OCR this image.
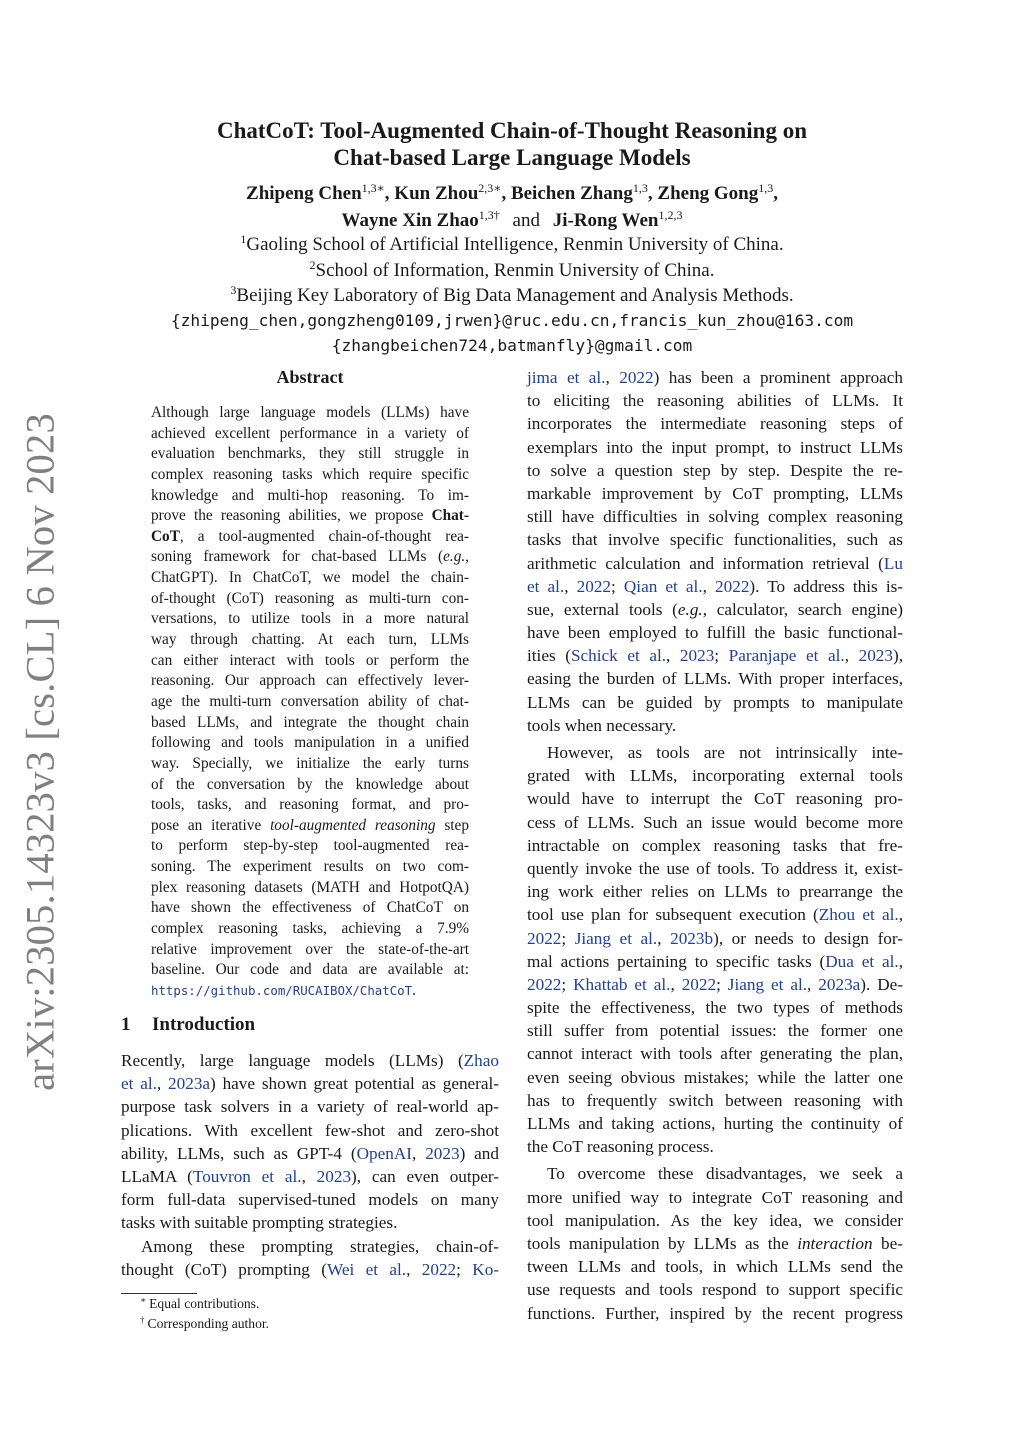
arXiv:2305.14323v3 [cs.CL] 6 Nov 2023
ChatCoT: Tool-Augmented Chain-of-Thought Reasoning on
Chat-based Large Language Models
Zhipeng Chen$^{1,3∗}$, Kun Zhou$^{2,3∗}$, Beichen Zhang$^{1,3}$, Zheng Gong$^{1,3}$,
Wayne Xin Zhao$^{1,3\dagger}$ and Ji-Rong Wen$^{1,2,3}$
$^1$Gaoling School of Artificial Intelligence, Renmin University of China.
$^2$School of Information, Renmin University of China.
$^3$Beijing Key Laboratory of Big Data Management and Analysis Methods.
{zhipeng_chen,gongzheng0109,jrwen}@ruc.edu.cn,francis_kun_zhou@163.com
{zhangbeichen724,batmanfly}@gmail.com
Abstract
Although large language models (LLMs) have
achieved excellent performance in a variety of
evaluation benchmarks, they still struggle in
complex reasoning tasks which require specific
knowledge and multi-hop reasoning. To im-
prove the reasoning abilities, we propose Chat-
CoT, a tool-augmented chain-of-thought rea-
soning framework for chat-based LLMs (e.g.,
ChatGPT). In ChatCoT, we model the chain-
of-thought (CoT) reasoning as multi-turn con-
versations, to utilize tools in a more natural
way through chatting. At each turn, LLMs
can either interact with tools or perform the
reasoning. Our approach can effectively lever-
age the multi-turn conversation ability of chat-
based LLMs, and integrate the thought chain
following and tools manipulation in a unified
way. Specially, we initialize the early turns
of the conversation by the knowledge about
tools, tasks, and reasoning format, and pro-
pose an iterative tool-augmented reasoning step
to perform step-by-step tool-augmented rea-
soning. The experiment results on two com-
plex reasoning datasets (MATH and HotpotQA)
have shown the effectiveness of ChatCoT on
complex reasoning tasks, achieving a 7.9%
relative improvement over the state-of-the-art
baseline. Our code and data are available at:
https://github.com/RUCAIBOX/ChatCoT.
1 Introduction
Recently, large language models (LLMs) (Zhao
et al., 2023a) have shown great potential as general-
purpose task solvers in a variety of real-world ap-
plications. With excellent few-shot and zero-shot
ability, LLMs, such as GPT-4 (OpenAI, 2023) and
LLaMA (Touvron et al., 2023), can even outper-
form full-data supervised-tuned models on many
tasks with suitable prompting strategies.
Among these prompting strategies, chain-of-
thought (CoT) prompting (Wei et al., 2022; Ko-
jima et al., 2022) has been a prominent approach
to eliciting the reasoning abilities of LLMs. It
incorporates the intermediate reasoning steps of
exemplars into the input prompt, to instruct LLMs
to solve a question step by step. Despite the re-
markable improvement by CoT prompting, LLMs
still have difficulties in solving complex reasoning
tasks that involve specific functionalities, such as
arithmetic calculation and information retrieval (Lu
et al., 2022; Qian et al., 2022). To address this is-
sue, external tools (e.g., calculator, search engine)
have been employed to fulfill the basic functional-
ities (Schick et al., 2023; Paranjape et al., 2023),
easing the burden of LLMs. With proper interfaces,
LLMs can be guided by prompts to manipulate
tools when necessary.
However, as tools are not intrinsically inte-
grated with LLMs, incorporating external tools
would have to interrupt the CoT reasoning pro-
cess of LLMs. Such an issue would become more
intractable on complex reasoning tasks that fre-
quently invoke the use of tools. To address it, exist-
ing work either relies on LLMs to prearrange the
tool use plan for subsequent execution (Zhou et al.,
2022; Jiang et al., 2023b), or needs to design for-
mal actions pertaining to specific tasks (Dua et al.,
2022; Khattab et al., 2022; Jiang et al., 2023a). De-
spite the effectiveness, the two types of methods
still suffer from potential issues: the former one
cannot interact with tools after generating the plan,
even seeing obvious mistakes; while the latter one
has to frequently switch between reasoning with
LLMs and taking actions, hurting the continuity of
the CoT reasoning process.
To overcome these disadvantages, we seek a
more unified way to integrate CoT reasoning and
tool manipulation. As the key idea, we consider
tools manipulation by LLMs as the interaction be-
tween LLMs and tools, in which LLMs send the
use requests and tools respond to support specific
functions. Further, inspired by the recent progress
∗ Equal contributions.
† Corresponding author.
